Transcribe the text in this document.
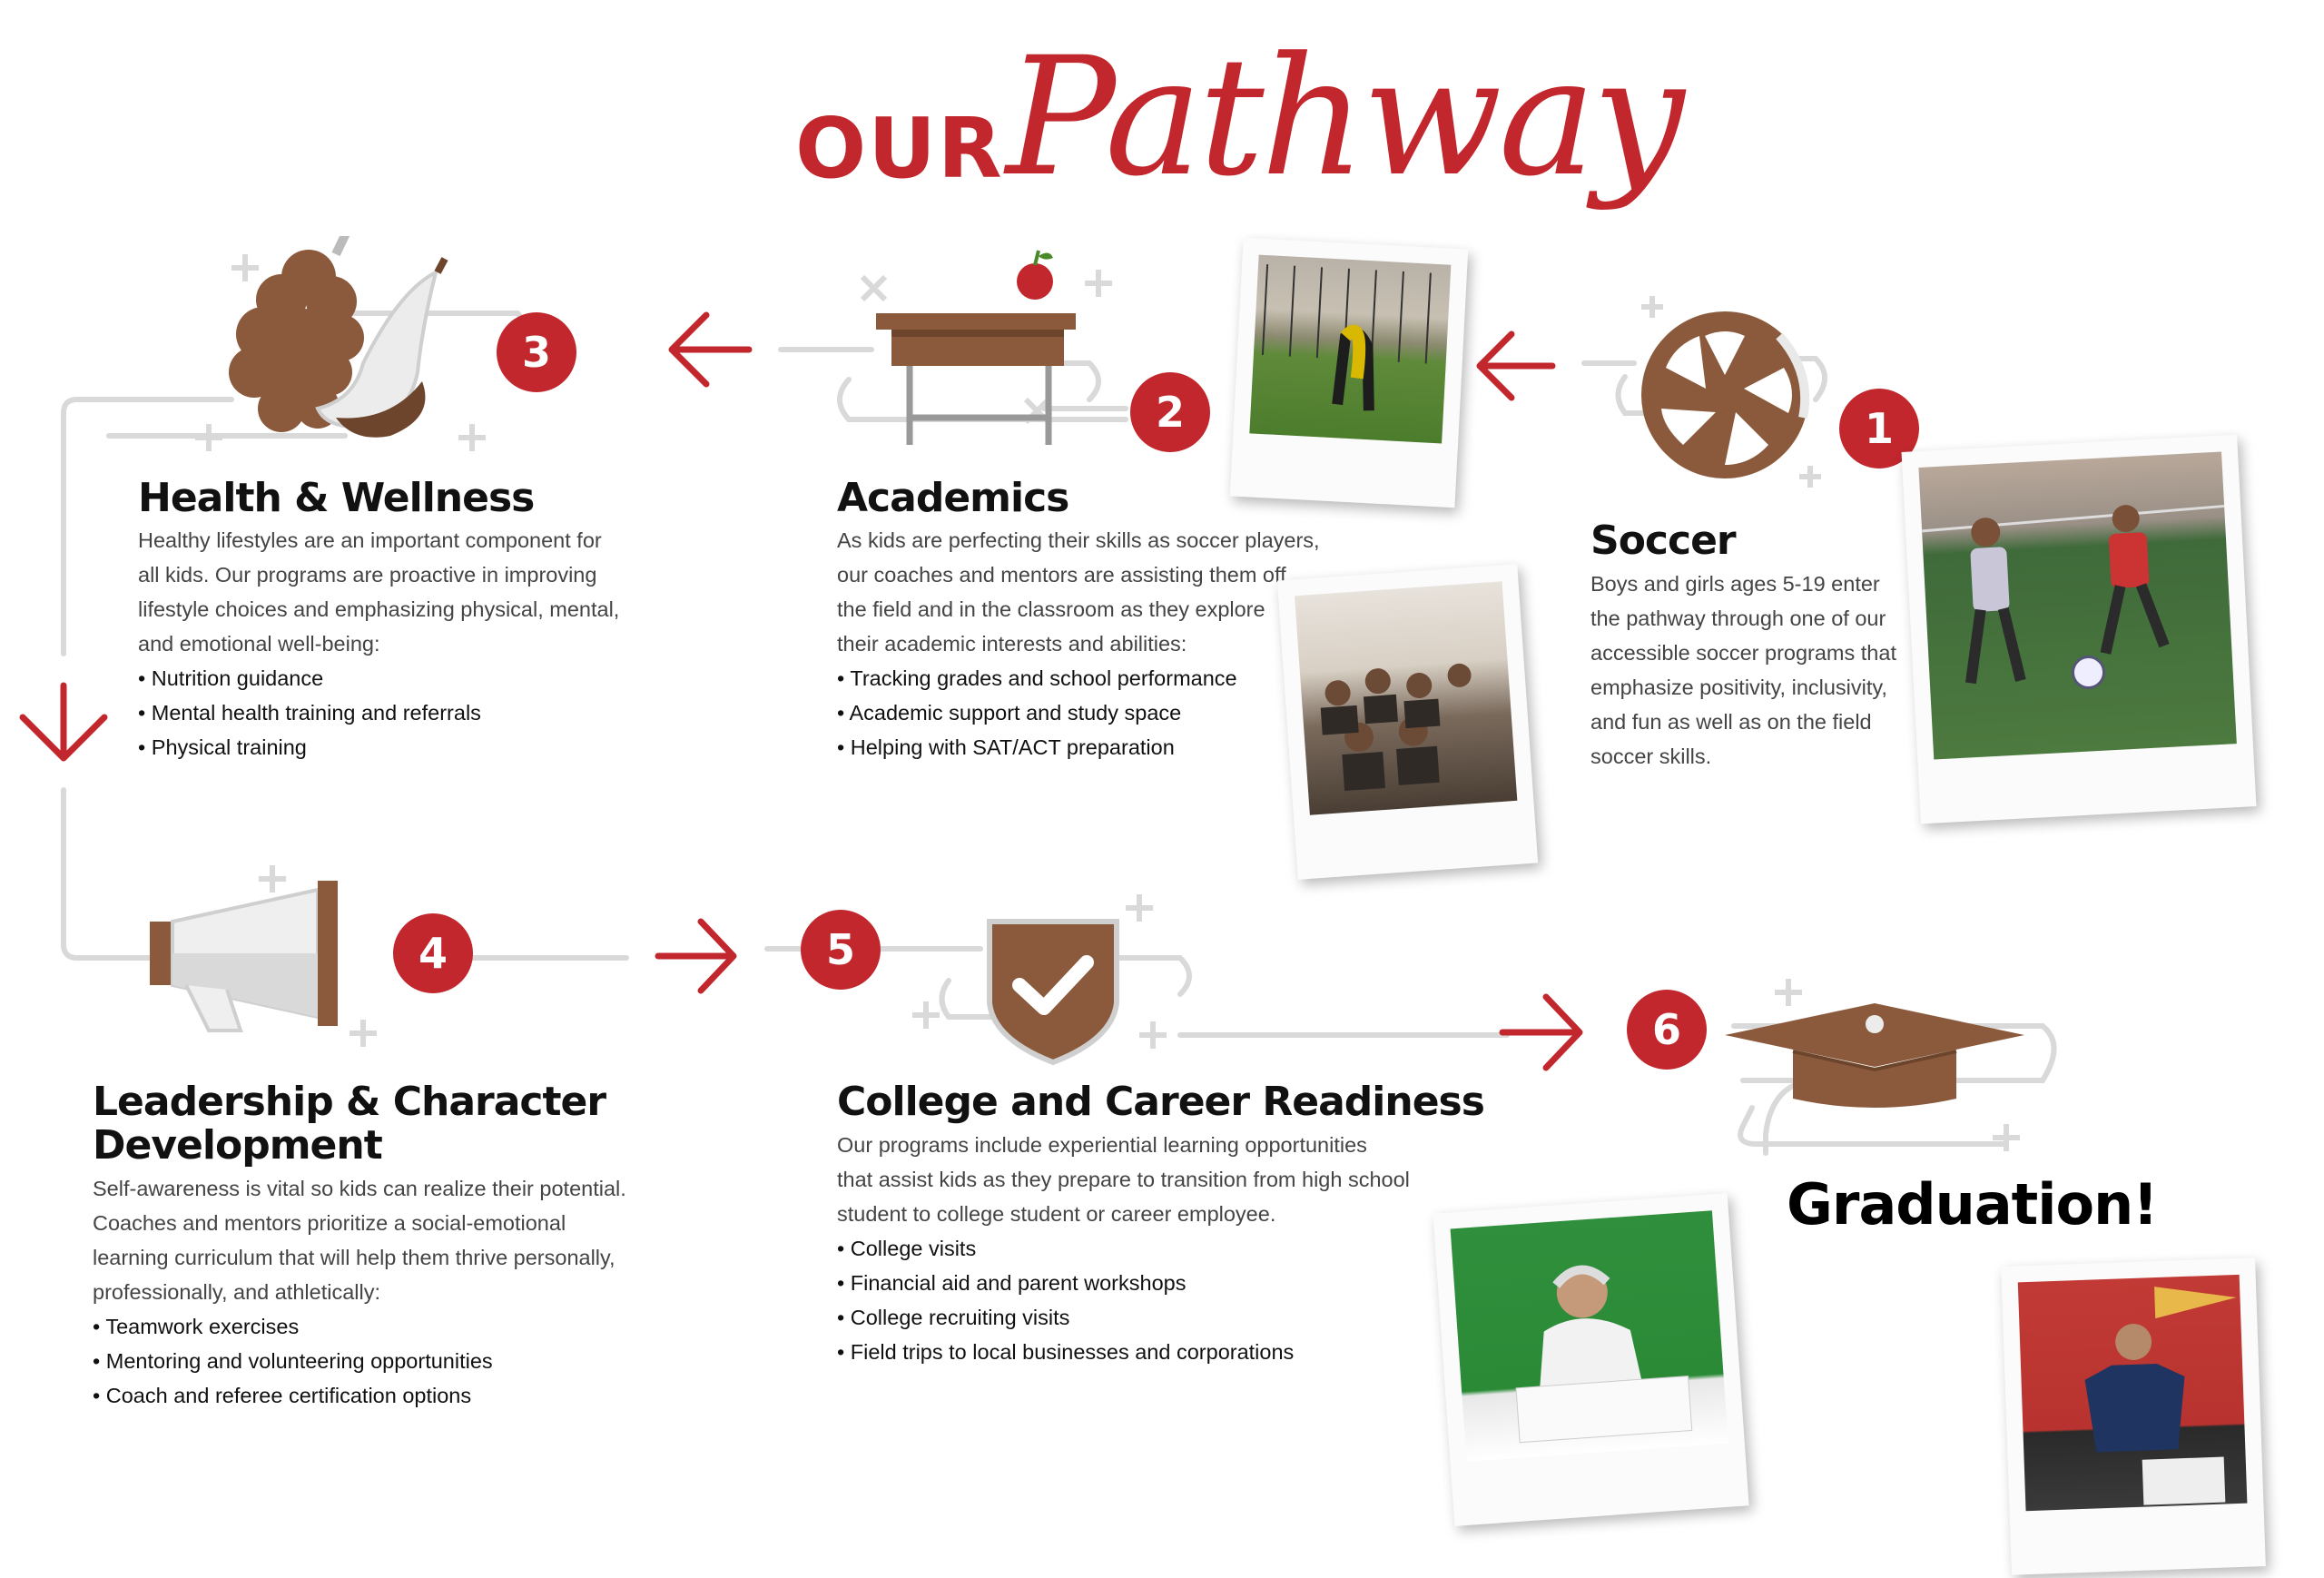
OUR Pathway
1
2
3
4	5
6
Soccer

Boys and girls ages 5-19 enter

the pathway through one of our

accessible soccer programs that

emphasize positivity, inclusivity,

and fun as well as on the field

soccer skills.

Academics

As kids are perfecting their skills as soccer players,

our coaches and mentors are assisting them off

the field and in the classroom as they explore

their academic interests and abilities:

• Tracking grades and school performance
• Academic support and study space
• Helping with SAT/ACT preparation
Health & Wellness

Healthy lifestyles are an important component for

all kids. Our programs are proactive in improving

lifestyle choices and emphasizing physical, mental,

and emotional well-being:

• Nutrition guidance
• Mental health training and referrals
• Physical training
Leadership & Character
Development

Self-awareness is vital so kids can realize their potential.

Coaches and mentors prioritize a social-emotional

learning curriculum that will help them thrive personally,

professionally, and athletically:

• Teamwork exercises
• Mentoring and volunteering opportunities
• Coach and referee certification options
College and Career Readiness

Our programs include experiential learning opportunities

that assist kids as they prepare to transition from high school

student to college student or career employee.

• College visits
• Financial aid and parent workshops
• College recruiting visits
• Field trips to local businesses and corporations
Graduation!
